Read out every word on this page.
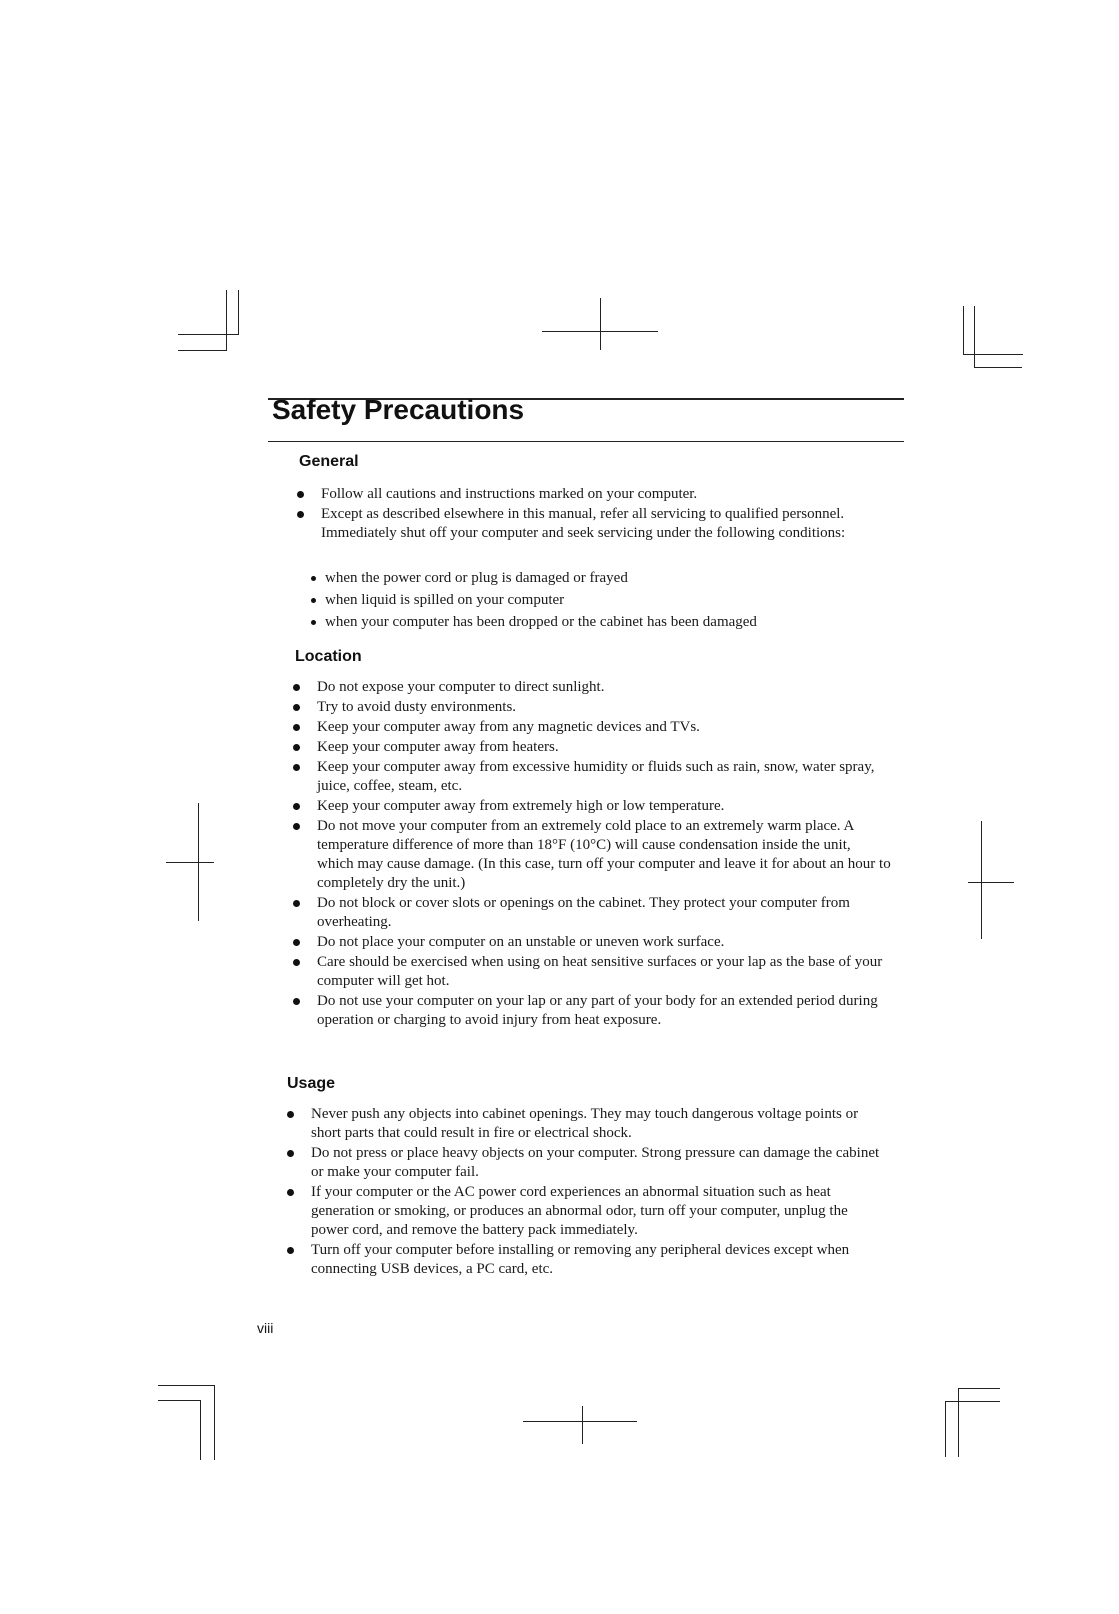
Safety Precautions
General
Follow all cautions and instructions marked on your computer.
Except as described elsewhere in this manual, refer all servicing to qualified personnel. Immediately shut off your computer and seek servicing under the following conditions:
when the power cord or plug is damaged or frayed
when liquid is spilled on your computer
when your computer has been dropped or the cabinet has been damaged
Location
Do not expose your computer to direct sunlight.
Try to avoid dusty environments.
Keep your computer away from any magnetic devices and TVs.
Keep your computer away from heaters.
Keep your computer away from excessive humidity or fluids such as rain, snow, water spray, juice, coffee, steam, etc.
Keep your computer away from extremely high or low temperature.
Do not move your computer from an extremely cold place to an extremely warm place. A temperature difference of more than 18°F (10°C) will cause condensation inside the unit, which may cause damage. (In this case, turn off your computer and leave it for about an hour to completely dry the unit.)
Do not block or cover slots or openings on the cabinet. They protect your computer from overheating.
Do not place your computer on an unstable or uneven work surface.
Care should be exercised when using on heat sensitive surfaces or your lap as the base of your computer will get hot.
Do not use your computer on your lap or any part of your body for an extended period during operation or charging to avoid injury from heat exposure.
Usage
Never push any objects into cabinet openings. They may touch dangerous voltage points or short parts that could result in fire or electrical shock.
Do not press or place heavy objects on your computer. Strong pressure can damage the cabinet or make your computer fail.
If your computer or the AC power cord experiences an abnormal situation such as heat generation or smoking, or produces an abnormal odor, turn off your computer, unplug the power cord, and remove the battery pack immediately.
Turn off your computer before installing or removing any peripheral devices except when connecting USB devices, a PC card, etc.
viii
